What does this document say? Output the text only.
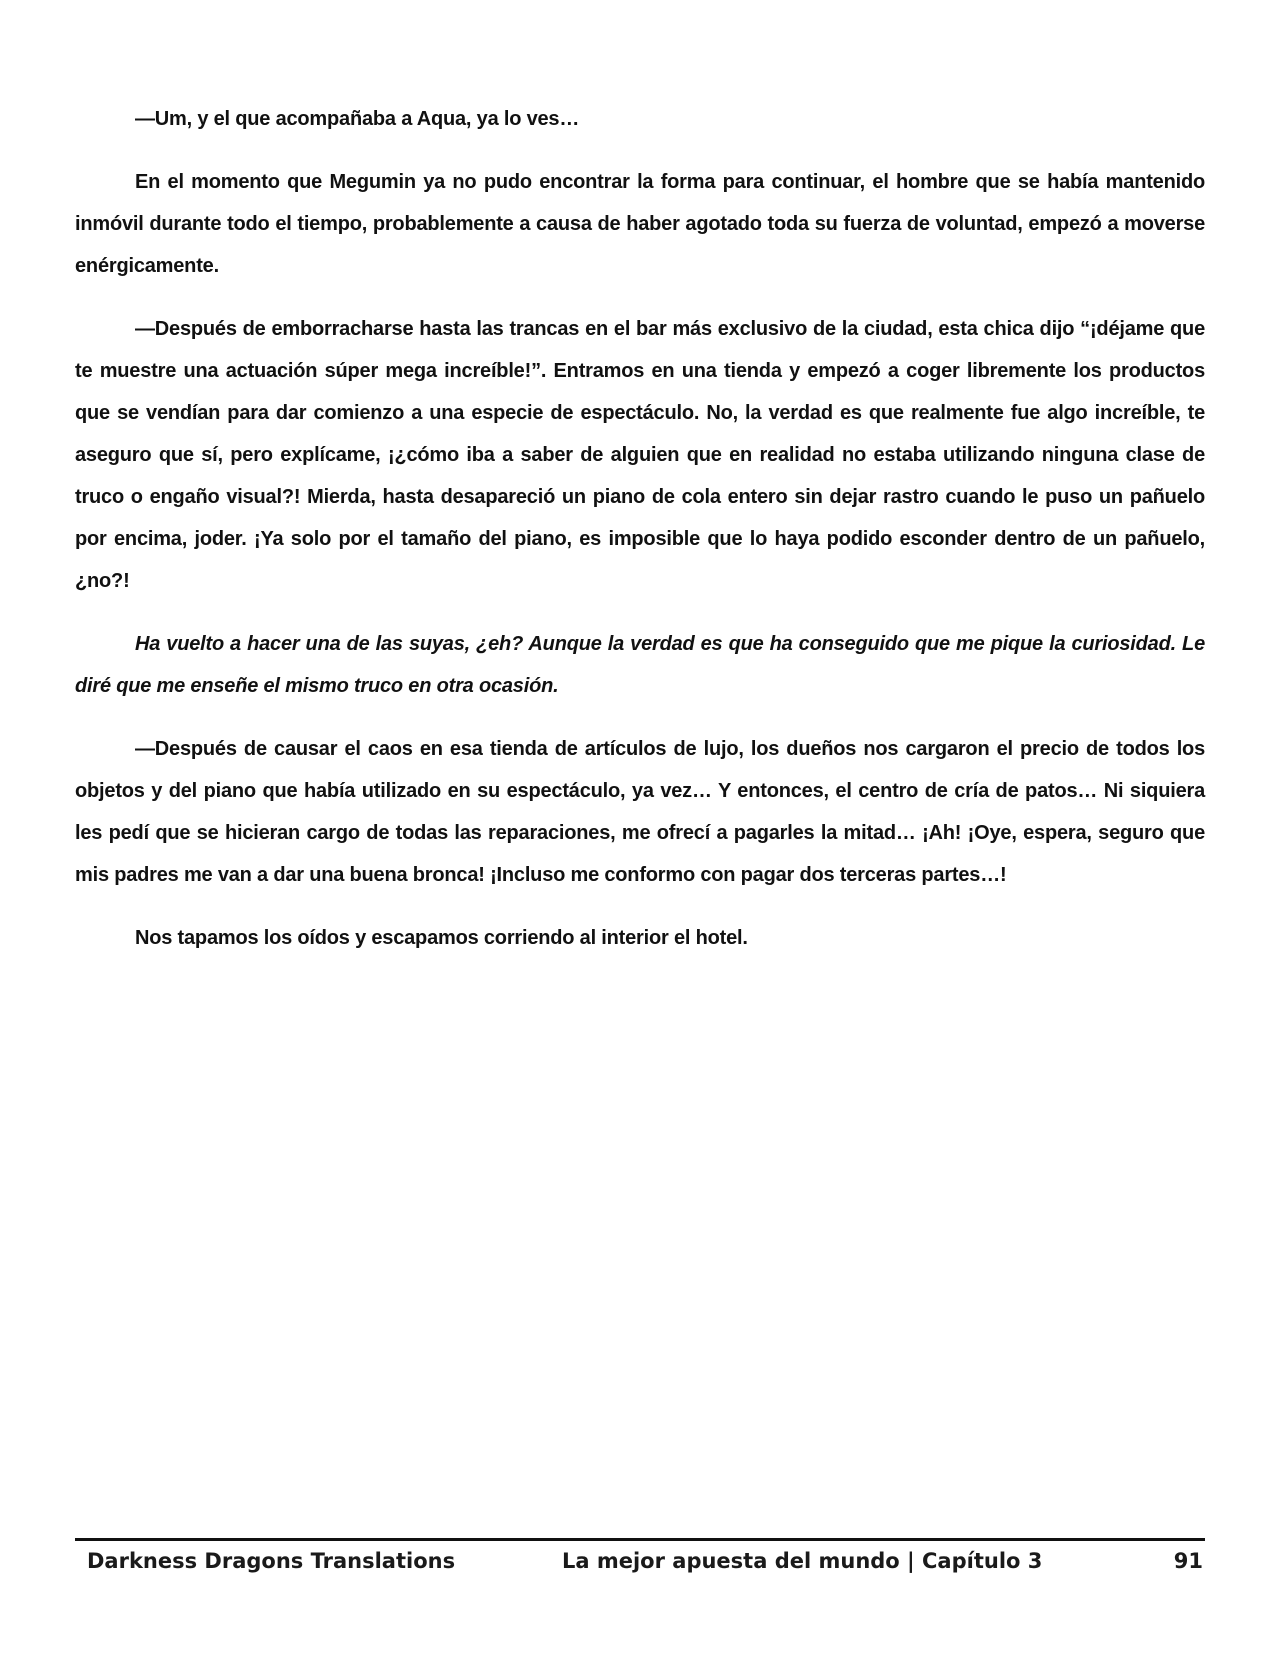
—Um, y el que acompañaba a Aqua, ya lo ves…

En el momento que Megumin ya no pudo encontrar la forma para continuar, el hombre que se había mantenido inmóvil durante todo el tiempo, probablemente a causa de haber agotado toda su fuerza de voluntad, empezó a moverse enérgicamente.

—Después de emborracharse hasta las trancas en el bar más exclusivo de la ciudad, esta chica dijo “¡déjame que te muestre una actuación súper mega increíble!”. Entramos en una tienda y empezó a coger libremente los productos que se vendían para dar comienzo a una especie de espectáculo. No, la verdad es que realmente fue algo increíble, te aseguro que sí, pero explícame, ¡¿cómo iba a saber de alguien que en realidad no estaba utilizando ninguna clase de truco o engaño visual?! Mierda, hasta desapareció un piano de cola entero sin dejar rastro cuando le puso un pañuelo por encima, joder. ¡Ya solo por el tamaño del piano, es imposible que lo haya podido esconder dentro de un pañuelo, ¿no?!

Ha vuelto a hacer una de las suyas, ¿eh? Aunque la verdad es que ha conseguido que me pique la curiosidad. Le diré que me enseñe el mismo truco en otra ocasión.

—Después de causar el caos en esa tienda de artículos de lujo, los dueños nos cargaron el precio de todos los objetos y del piano que había utilizado en su espectáculo, ya vez… Y entonces, el centro de cría de patos… Ni siquiera les pedí que se hicieran cargo de todas las reparaciones, me ofrecí a pagarles la mitad… ¡Ah! ¡Oye, espera, seguro que mis padres me van a dar una buena bronca! ¡Incluso me conformo con pagar dos terceras partes…!

Nos tapamos los oídos y escapamos corriendo al interior el hotel.

Darkness Dragons Translations	La mejor apuesta del mundo | Capítulo 3	91
